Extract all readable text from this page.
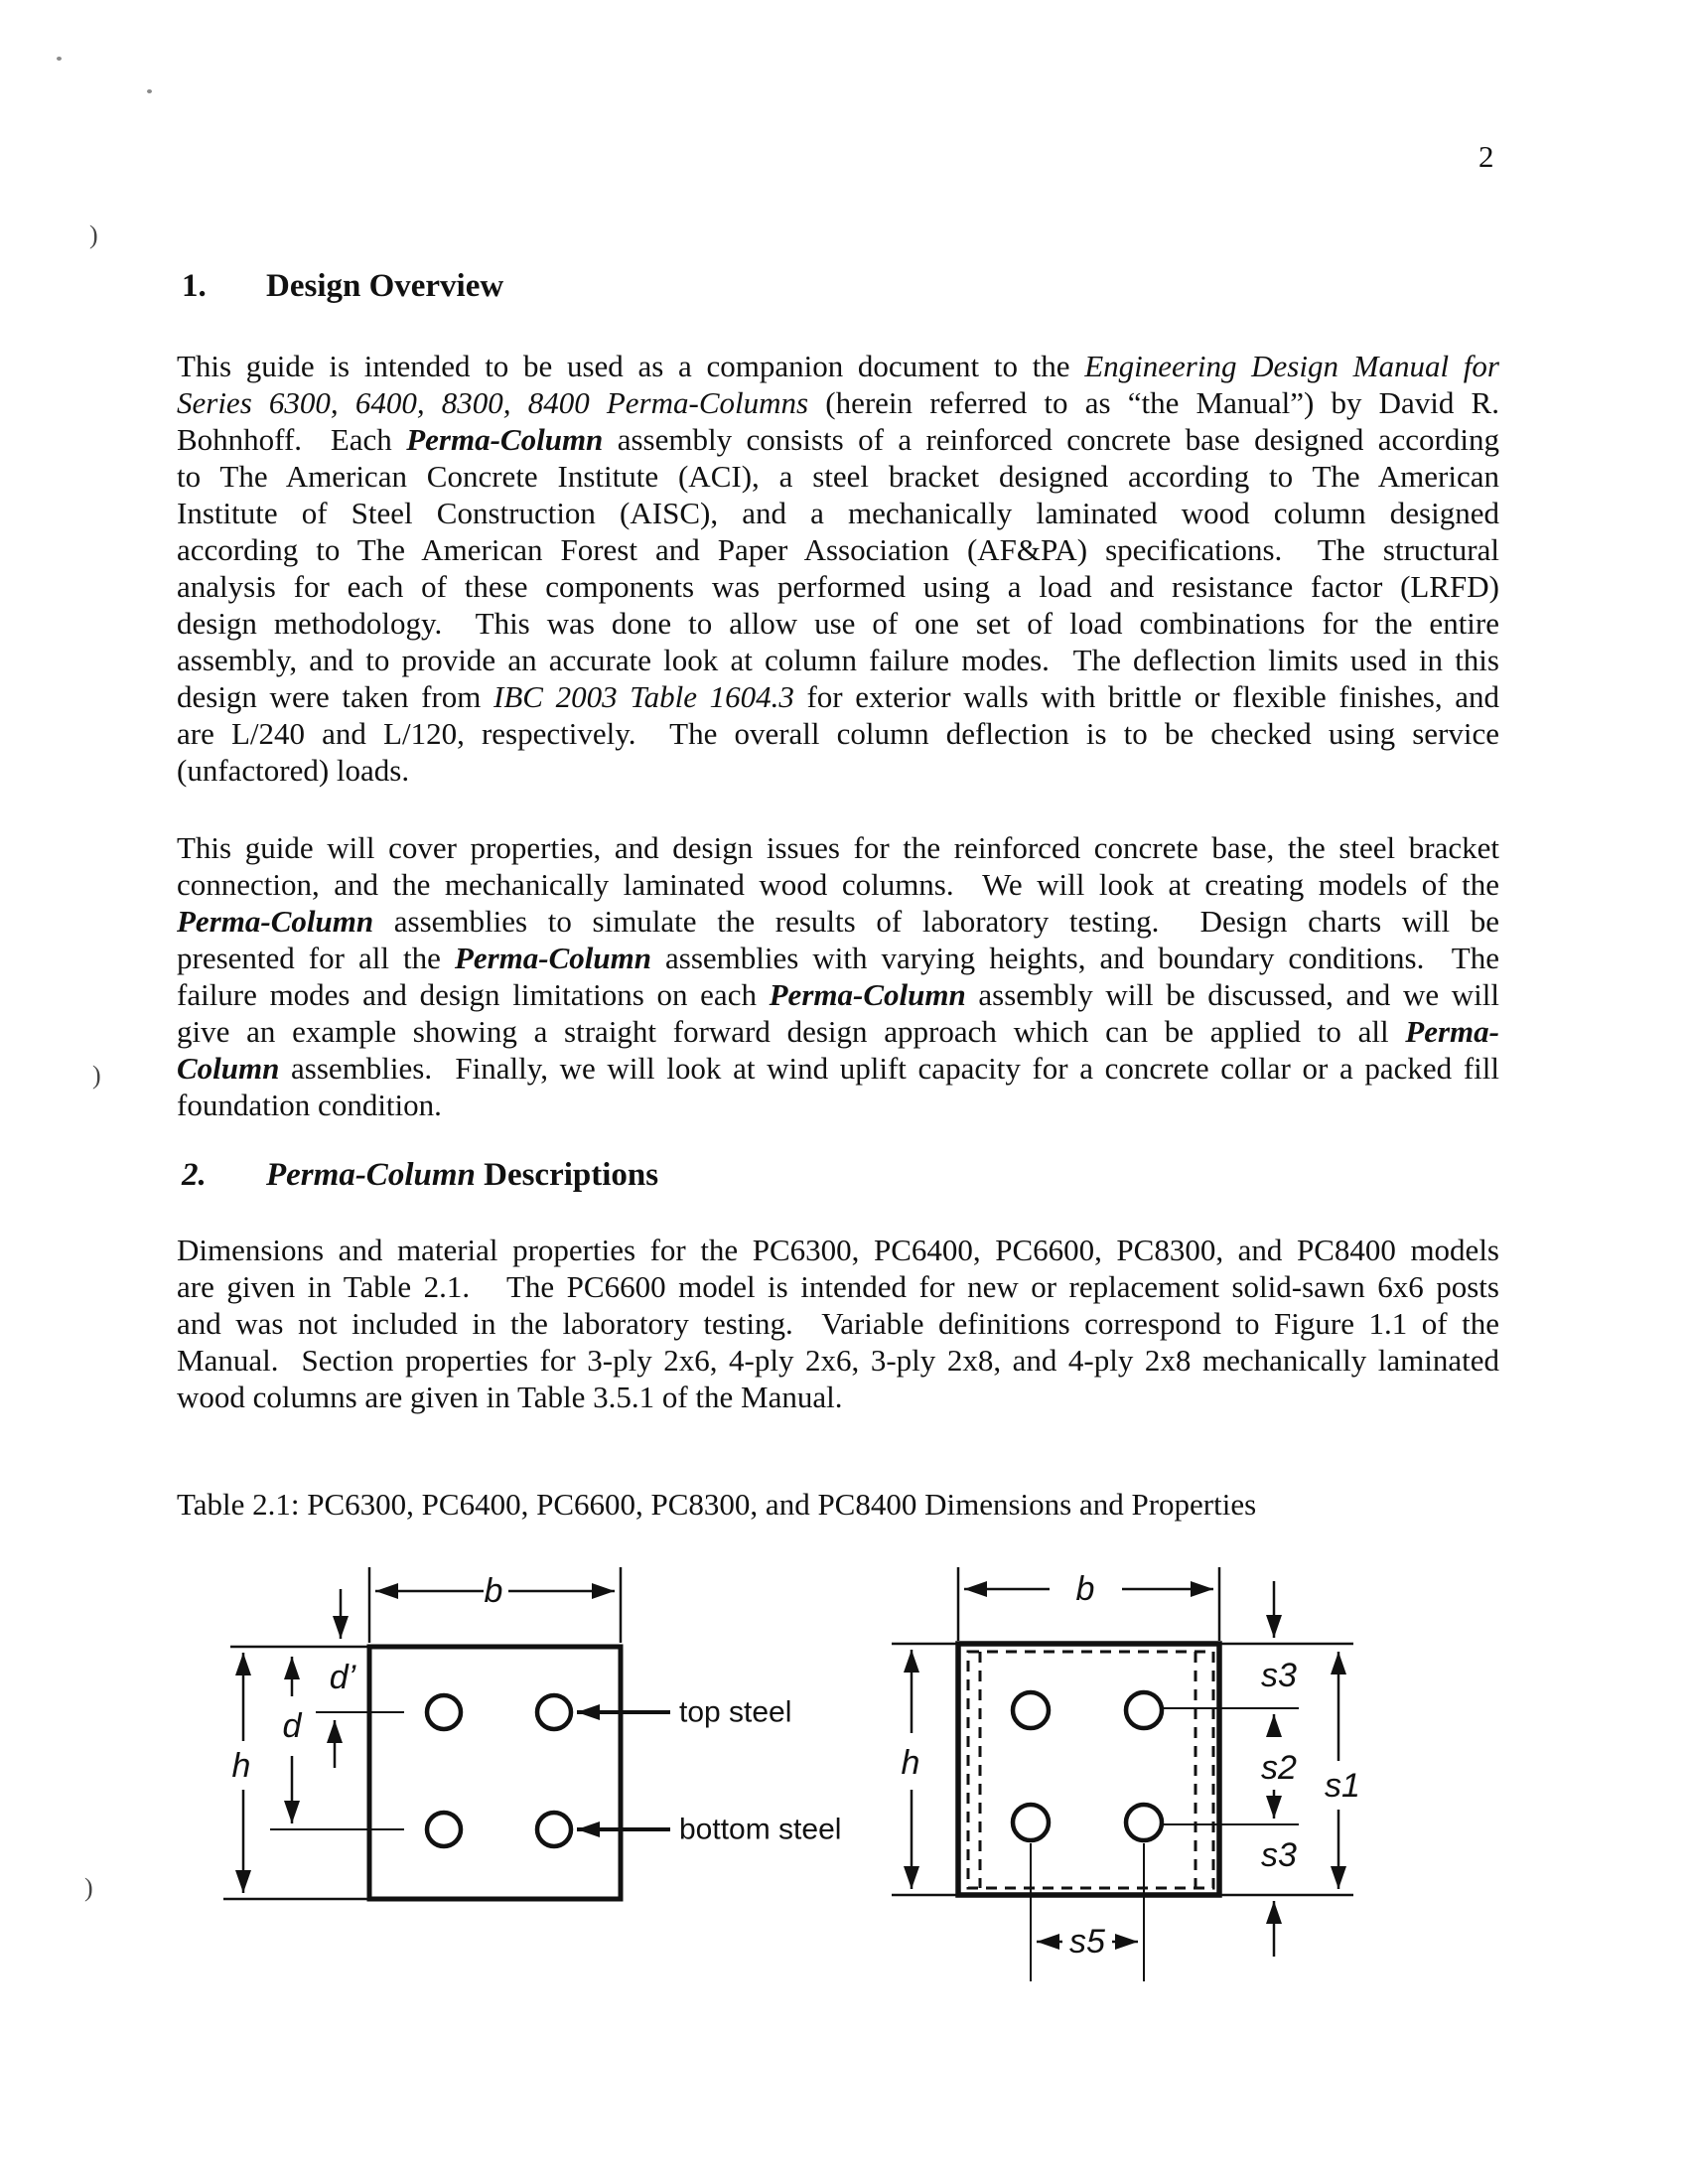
2
)
)
)
1. Design Overview
This guide is intended to be used as a companion document to the Engineering Design Manual for
Series 6300, 6400, 8300, 8400 Perma-Columns (herein referred to as “the Manual”) by David R.
Bohnhoff.  Each Perma-Column assembly consists of a reinforced concrete base designed according
to The American Concrete Institute (ACI), a steel bracket designed according to The American
Institute of Steel Construction (AISC), and a mechanically laminated wood column designed
according to The American Forest and Paper Association (AF&PA) specifications.  The structural
analysis for each of these components was performed using a load and resistance factor (LRFD)
design methodology.  This was done to allow use of one set of load combinations for the entire
assembly, and to provide an accurate look at column failure modes.  The deflection limits used in this
design were taken from IBC 2003 Table 1604.3 for exterior walls with brittle or flexible finishes, and
are L/240 and L/120, respectively.  The overall column deflection is to be checked using service
(unfactored) loads.
This guide will cover properties, and design issues for the reinforced concrete base, the steel bracket
connection, and the mechanically laminated wood columns.  We will look at creating models of the
Perma-Column assemblies to simulate the results of laboratory testing.  Design charts will be
presented for all the Perma-Column assemblies with varying heights, and boundary conditions.  The
failure modes and design limitations on each Perma-Column assembly will be discussed, and we will
give an example showing a straight forward design approach which can be applied to all Perma-
Column assemblies.  Finally, we will look at wind uplift capacity for a concrete collar or a packed fill
foundation condition.
2. Perma-Column Descriptions
Dimensions and material properties for the PC6300, PC6400, PC6600, PC8300, and PC8400 models
are given in Table 2.1.   The PC6600 model is intended for new or replacement solid-sawn 6x6 posts
and was not included in the laboratory testing.  Variable definitions correspond to Figure 1.1 of the
Manual.  Section properties for 3-ply 2x6, 4-ply 2x6, 3-ply 2x8, and 4-ply 2x8 mechanically laminated
wood columns are given in Table 3.5.1 of the Manual.
Table 2.1: PC6300, PC6400, PC6600, PC8300, and PC8400 Dimensions and Properties
b
d’
d
h
top steel
bottom steel
b
h
s3
s2
s3
s1
s5
